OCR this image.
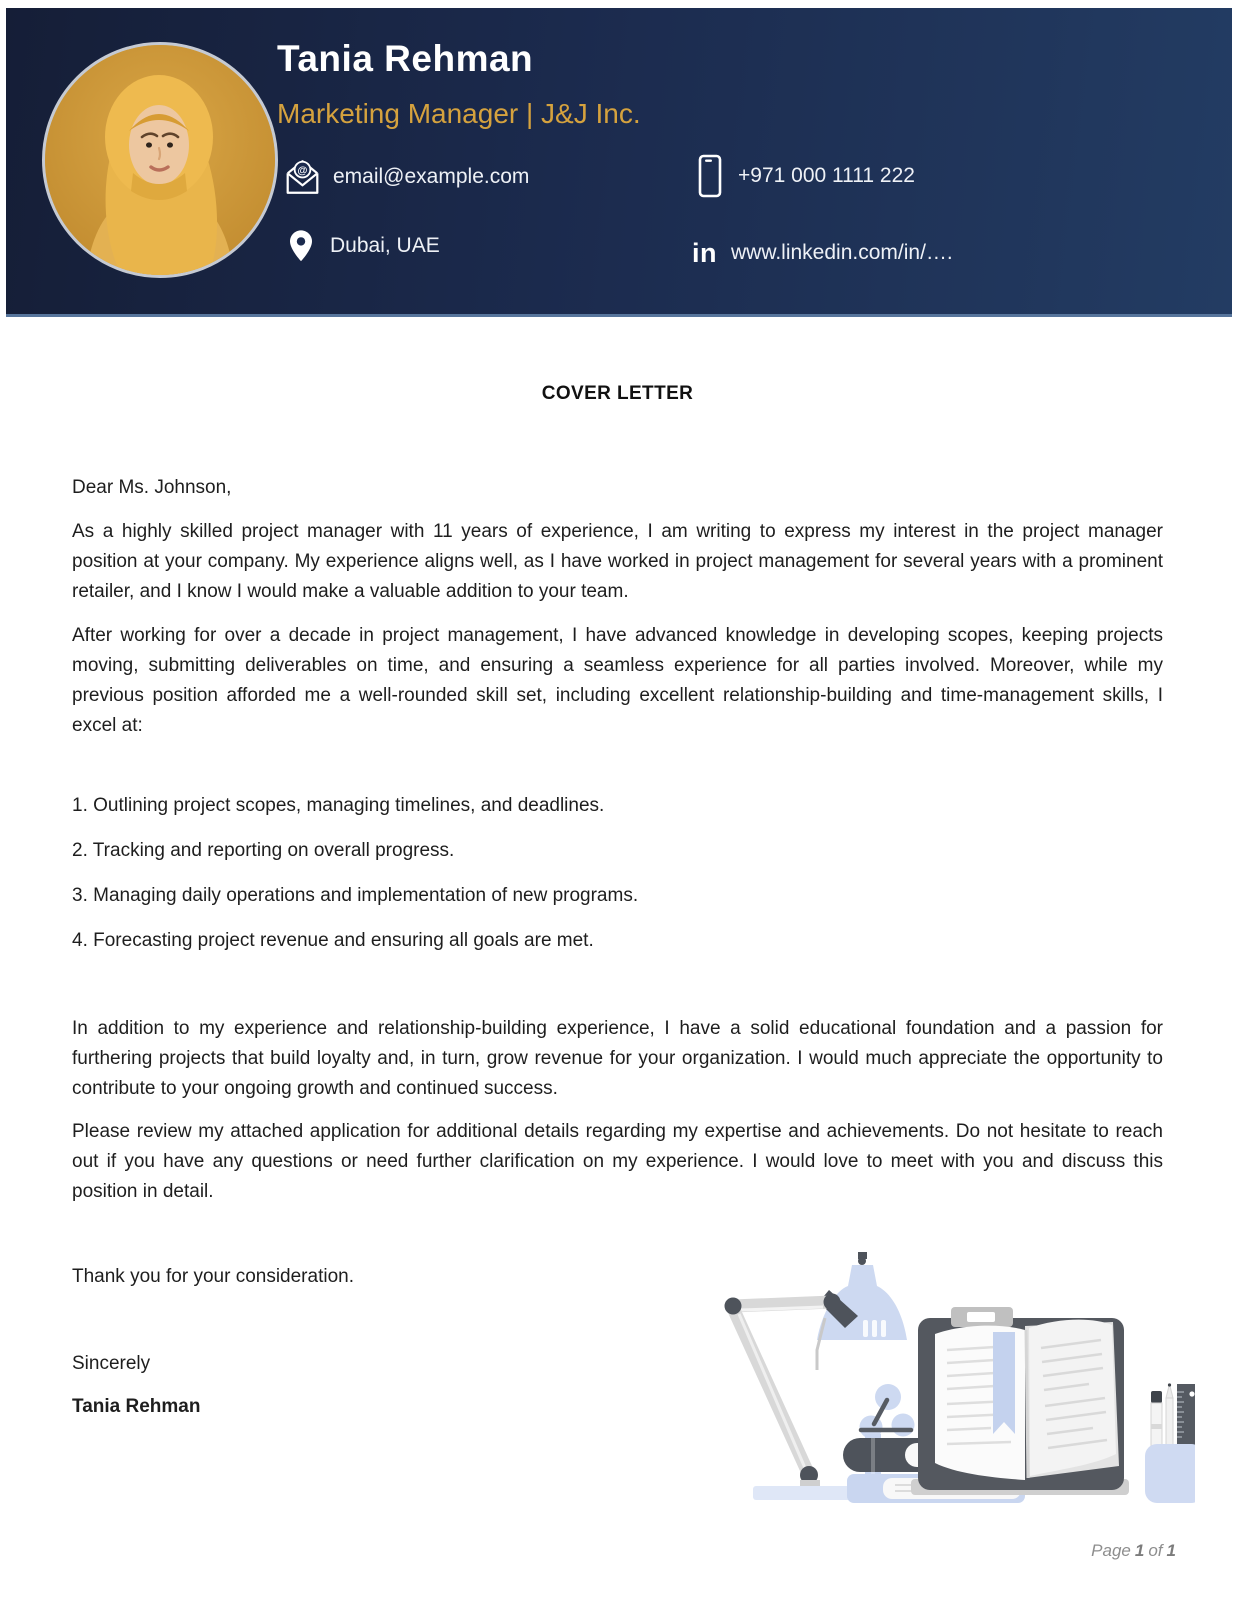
Tania Rehman
Marketing Manager | J&J Inc.
@ email@example.com	+971 000 1111 222
Dubai, UAE	in www.linkedin.com/in/….

COVER LETTER

Dear Ms. Johnson,

As a highly skilled project manager with 11 years of experience, I am writing to express my interest in the project manager position at your company. My experience aligns well, as I have worked in project management for several years with a prominent retailer, and I know I would make a valuable addition to your team.

After working for over a decade in project management, I have advanced knowledge in developing scopes, keeping projects moving, submitting deliverables on time, and ensuring a seamless experience for all parties involved. Moreover, while my previous position afforded me a well-rounded skill set, including excellent relationship-building and time-management skills, I excel at:

1. Outlining project scopes, managing timelines, and deadlines.

2. Tracking and reporting on overall progress.

3. Managing daily operations and implementation of new programs.

4. Forecasting project revenue and ensuring all goals are met.

In addition to my experience and relationship-building experience, I have a solid educational foundation and a passion for furthering projects that build loyalty and, in turn, grow revenue for your organization. I would much appreciate the opportunity to contribute to your ongoing growth and continued success.

Please review my attached application for additional details regarding my expertise and achievements. Do not hesitate to reach out if you have any questions or need further clarification on my experience. I would love to meet with you and discuss this position in detail.

Thank you for your consideration.

Sincerely

Tania Rehman

Page 1 of 1
